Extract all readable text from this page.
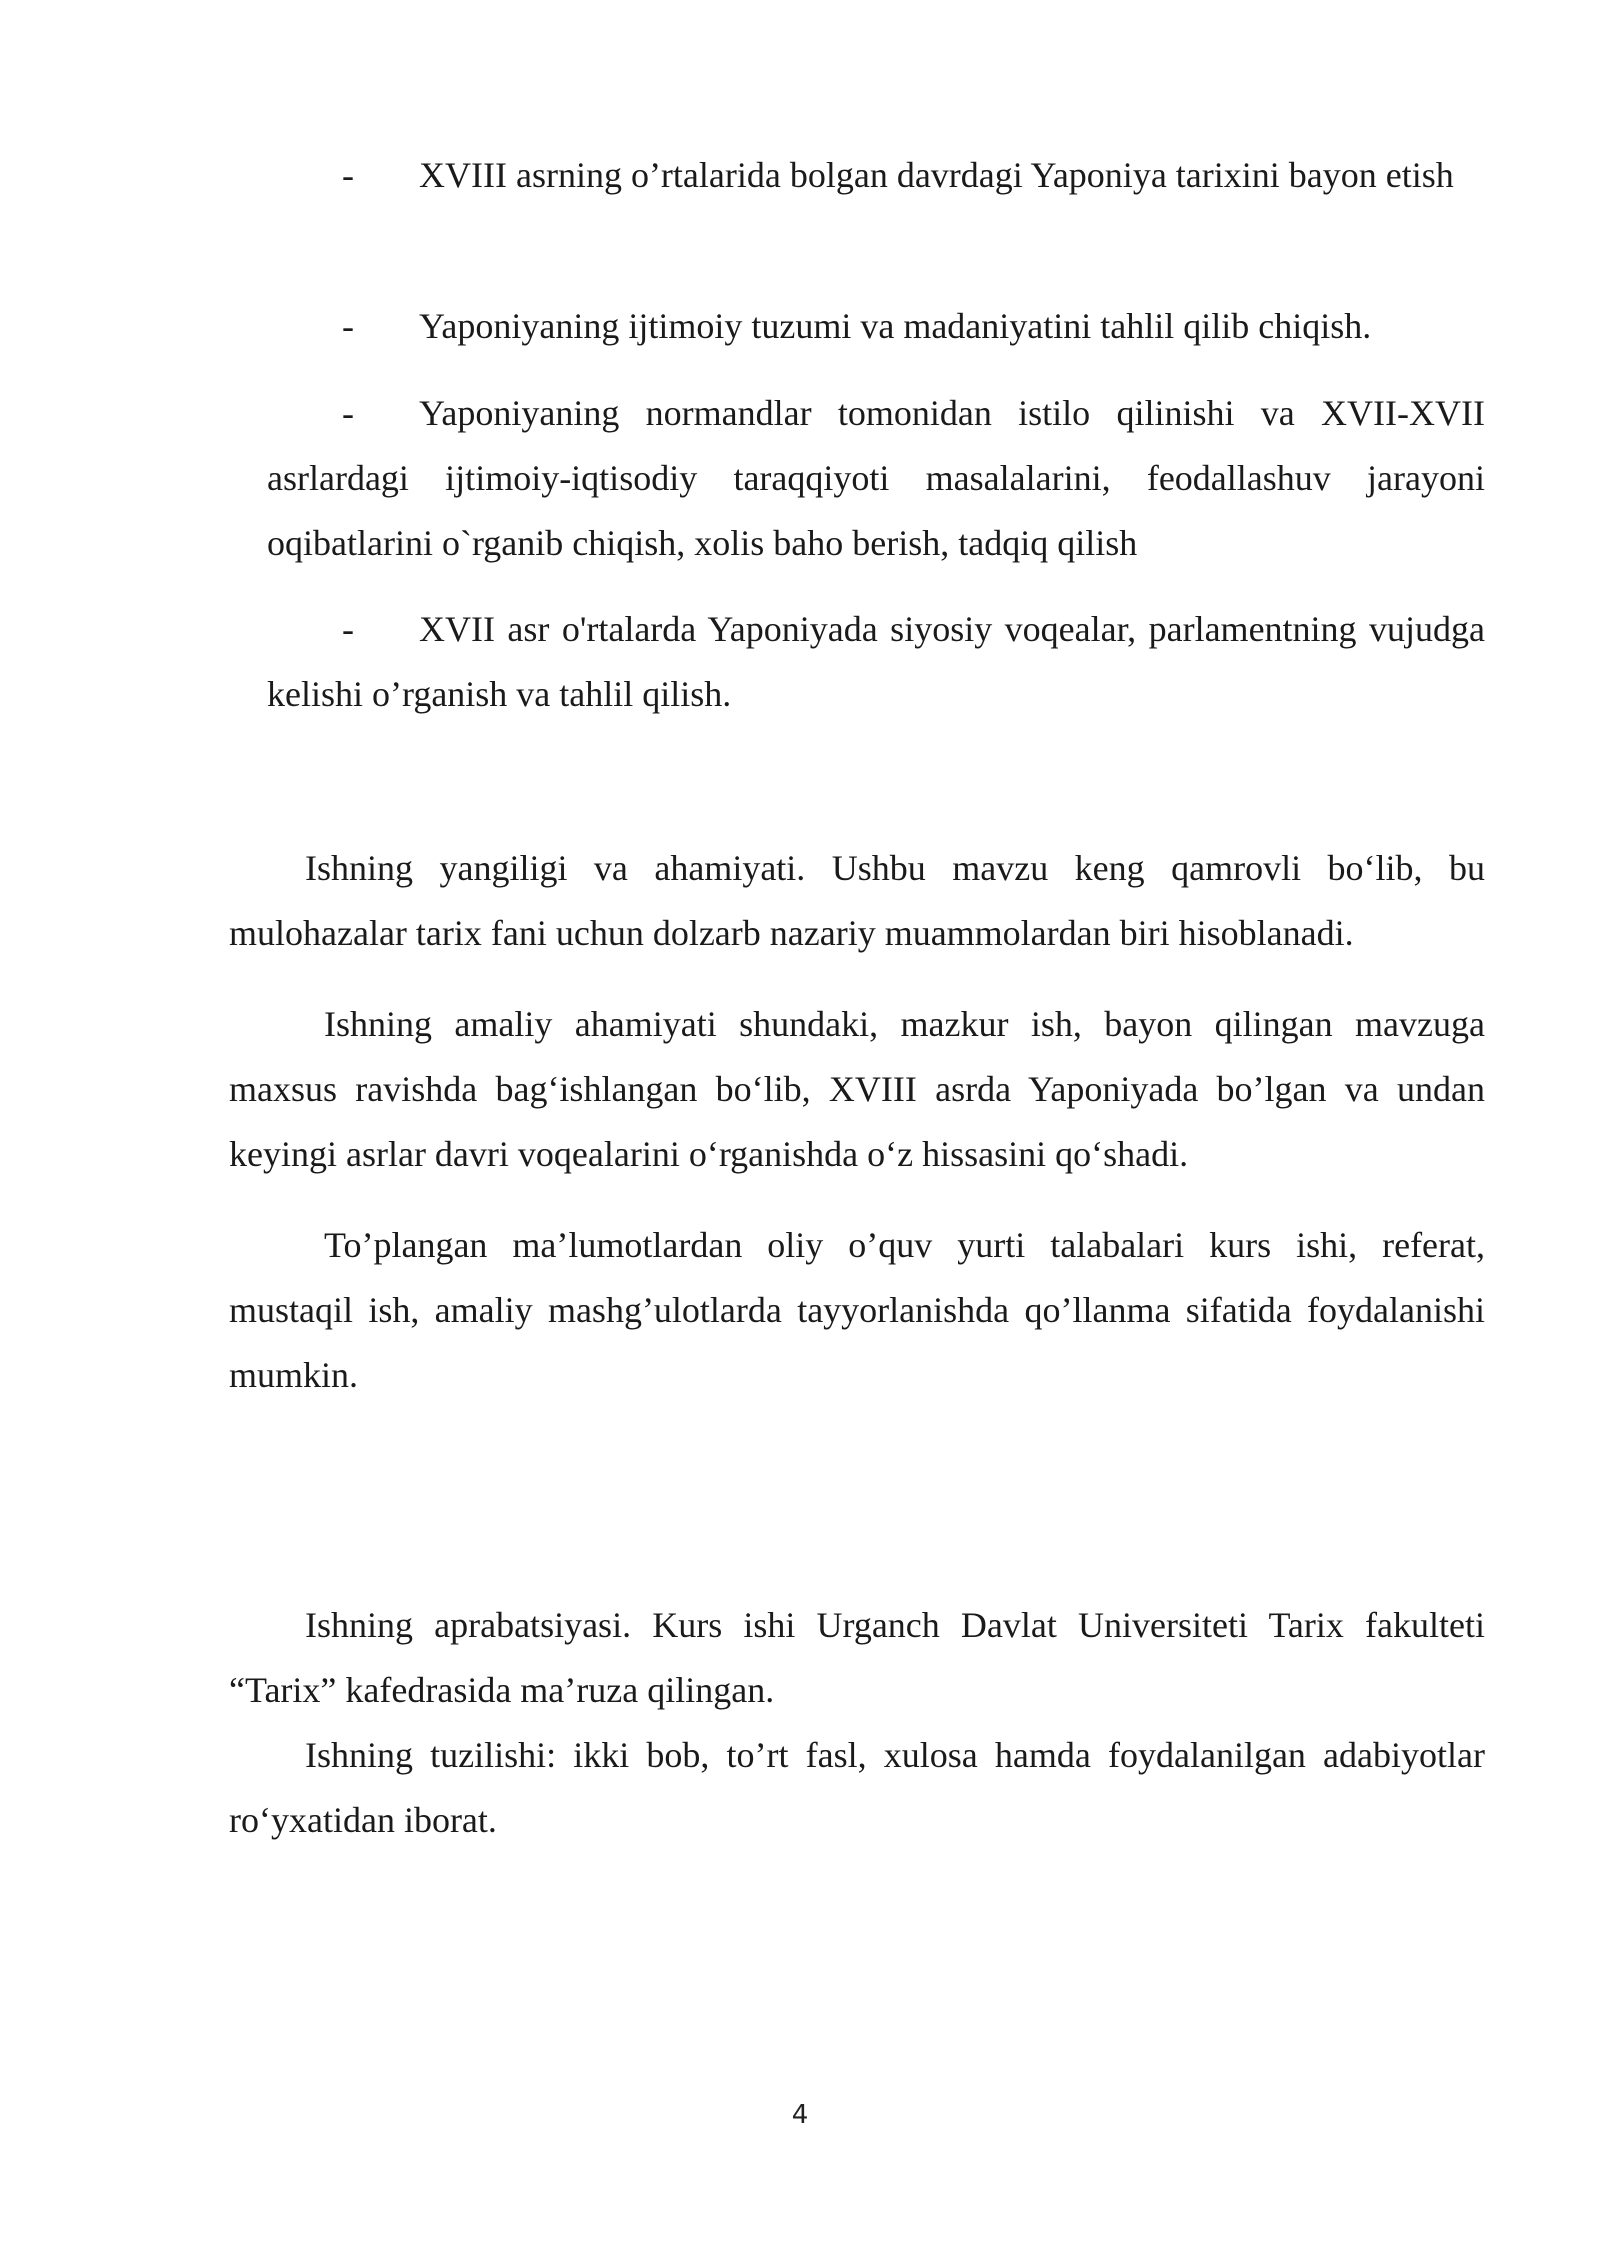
- XVIII asrning o’rtalarida bolgan davrdagi Yaponiya tarixini bayon etish

- Yaponiyaning ijtimoiy tuzumi va madaniyatini tahlil qilib chiqish.

- Yaponiyaning normandlar tomonidan istilo qilinishi va XVII-XVII asrlardagi ijtimoiy-iqtisodiy taraqqiyoti masalalarini, feodallashuv jarayoni oqibatlarini o`rganib chiqish, xolis baho berish, tadqiq qilish

- XVII asr o'rtalarda Yaponiyada siyosiy voqealar, parlamentning vujudga kelishi o’rganish va tahlil qilish.

Ishning yangiligi va ahamiyati. Ushbu mavzu keng qamrovli bo‘lib, bu mulohazalar tarix fani uchun dolzarb nazariy muammolardan biri hisoblanadi.

Ishning amaliy ahamiyati shundaki, mazkur ish, bayon qilingan mavzuga maxsus ravishda bag‘ishlangan bo‘lib, XVIII asrda Yaponiyada bo’lgan va undan keyingi asrlar davri voqealarini o‘rganishda o‘z hissasini qo‘shadi.

To’plangan ma’lumotlardan oliy o’quv yurti talabalari kurs ishi, referat, mustaqil ish, amaliy mashg’ulotlarda tayyorlanishda qo’llanma sifatida foydalanishi mumkin.

Ishning aprabatsiyasi. Kurs ishi Urganch Davlat Universiteti Tarix fakulteti “Tarix” kafedrasida ma’ruza qilingan.

Ishning tuzilishi: ikki bob, to’rt fasl, xulosa hamda foydalanilgan adabiyotlar ro‘yxatidan iborat.

4
